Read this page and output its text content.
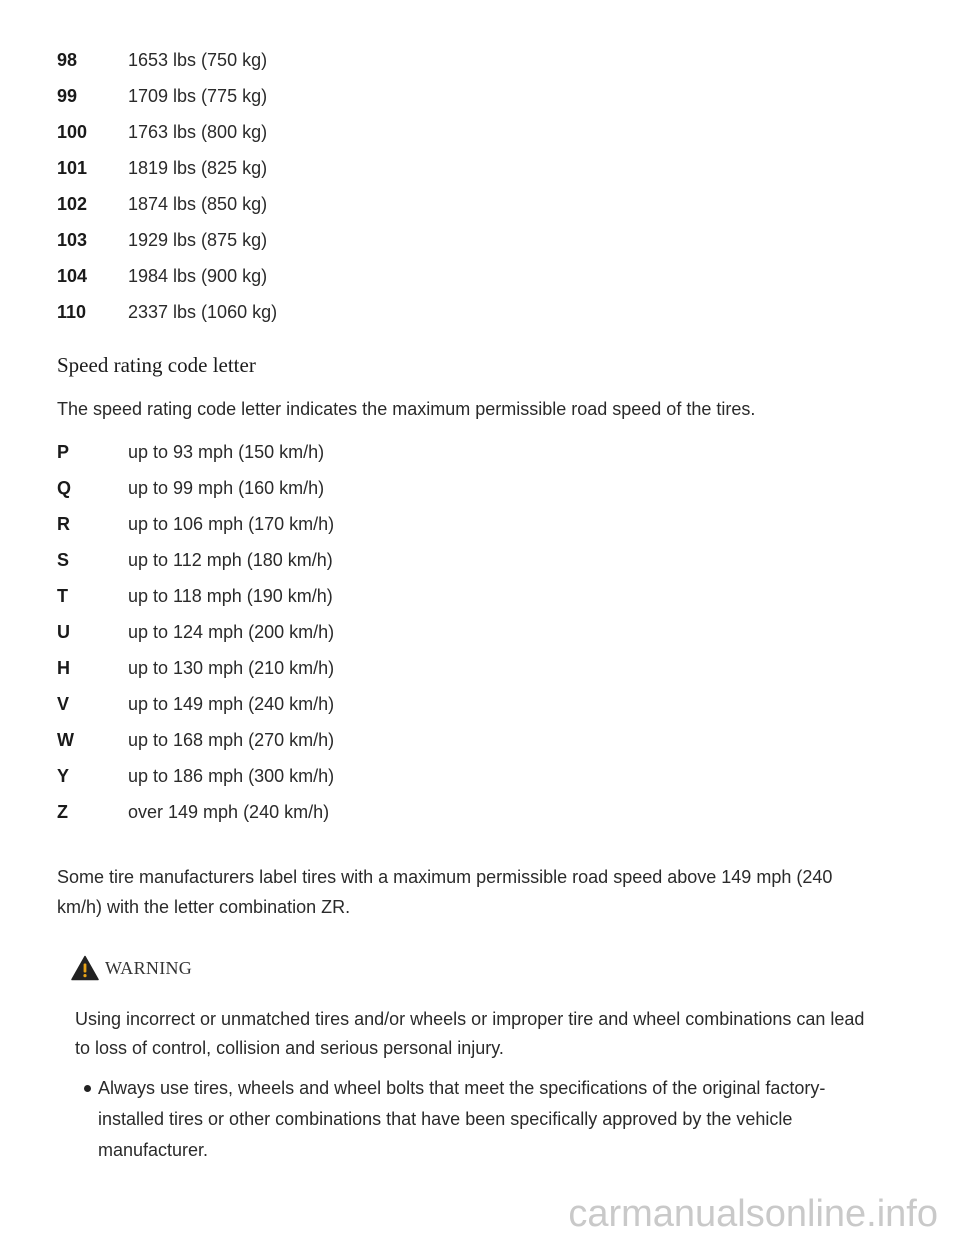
98	1653 lbs (750 kg)
99	1709 lbs (775 kg)
100 1763 lbs (800 kg)
101 1819 lbs (825 kg)
102 1874 lbs (850 kg)
103 1929 lbs (875 kg)
104 1984 lbs (900 kg)
110 2337 lbs (1060 kg)
Speed rating code letter
The speed rating code letter indicates the maximum permissible road speed of the tires.
P	up to 93 mph (150 km/h)
Q	up to 99 mph (160 km/h)
R	up to 106 mph (170 km/h)
S	up to 112 mph (180 km/h)
T	up to 118 mph (190 km/h)
U	up to 124 mph (200 km/h)
H	up to 130 mph (210 km/h)
V	up to 149 mph (240 km/h)
W	up to 168 mph (270 km/h)
Y	up to 186 mph (300 km/h)
Z	over 149 mph (240 km/h)
Some tire manufacturers label tires with a maximum permissible road speed above 149 mph (240 km/h) with the letter combination ZR.
WARNING
Using incorrect or unmatched tires and/or wheels or improper tire and wheel combinations can lead to loss of control, collision and serious personal injury.
Always use tires, wheels and wheel bolts that meet the specifications of the original factory-installed tires or other combinations that have been specifically approved by the vehicle manufacturer.
carmanualsonline.info
